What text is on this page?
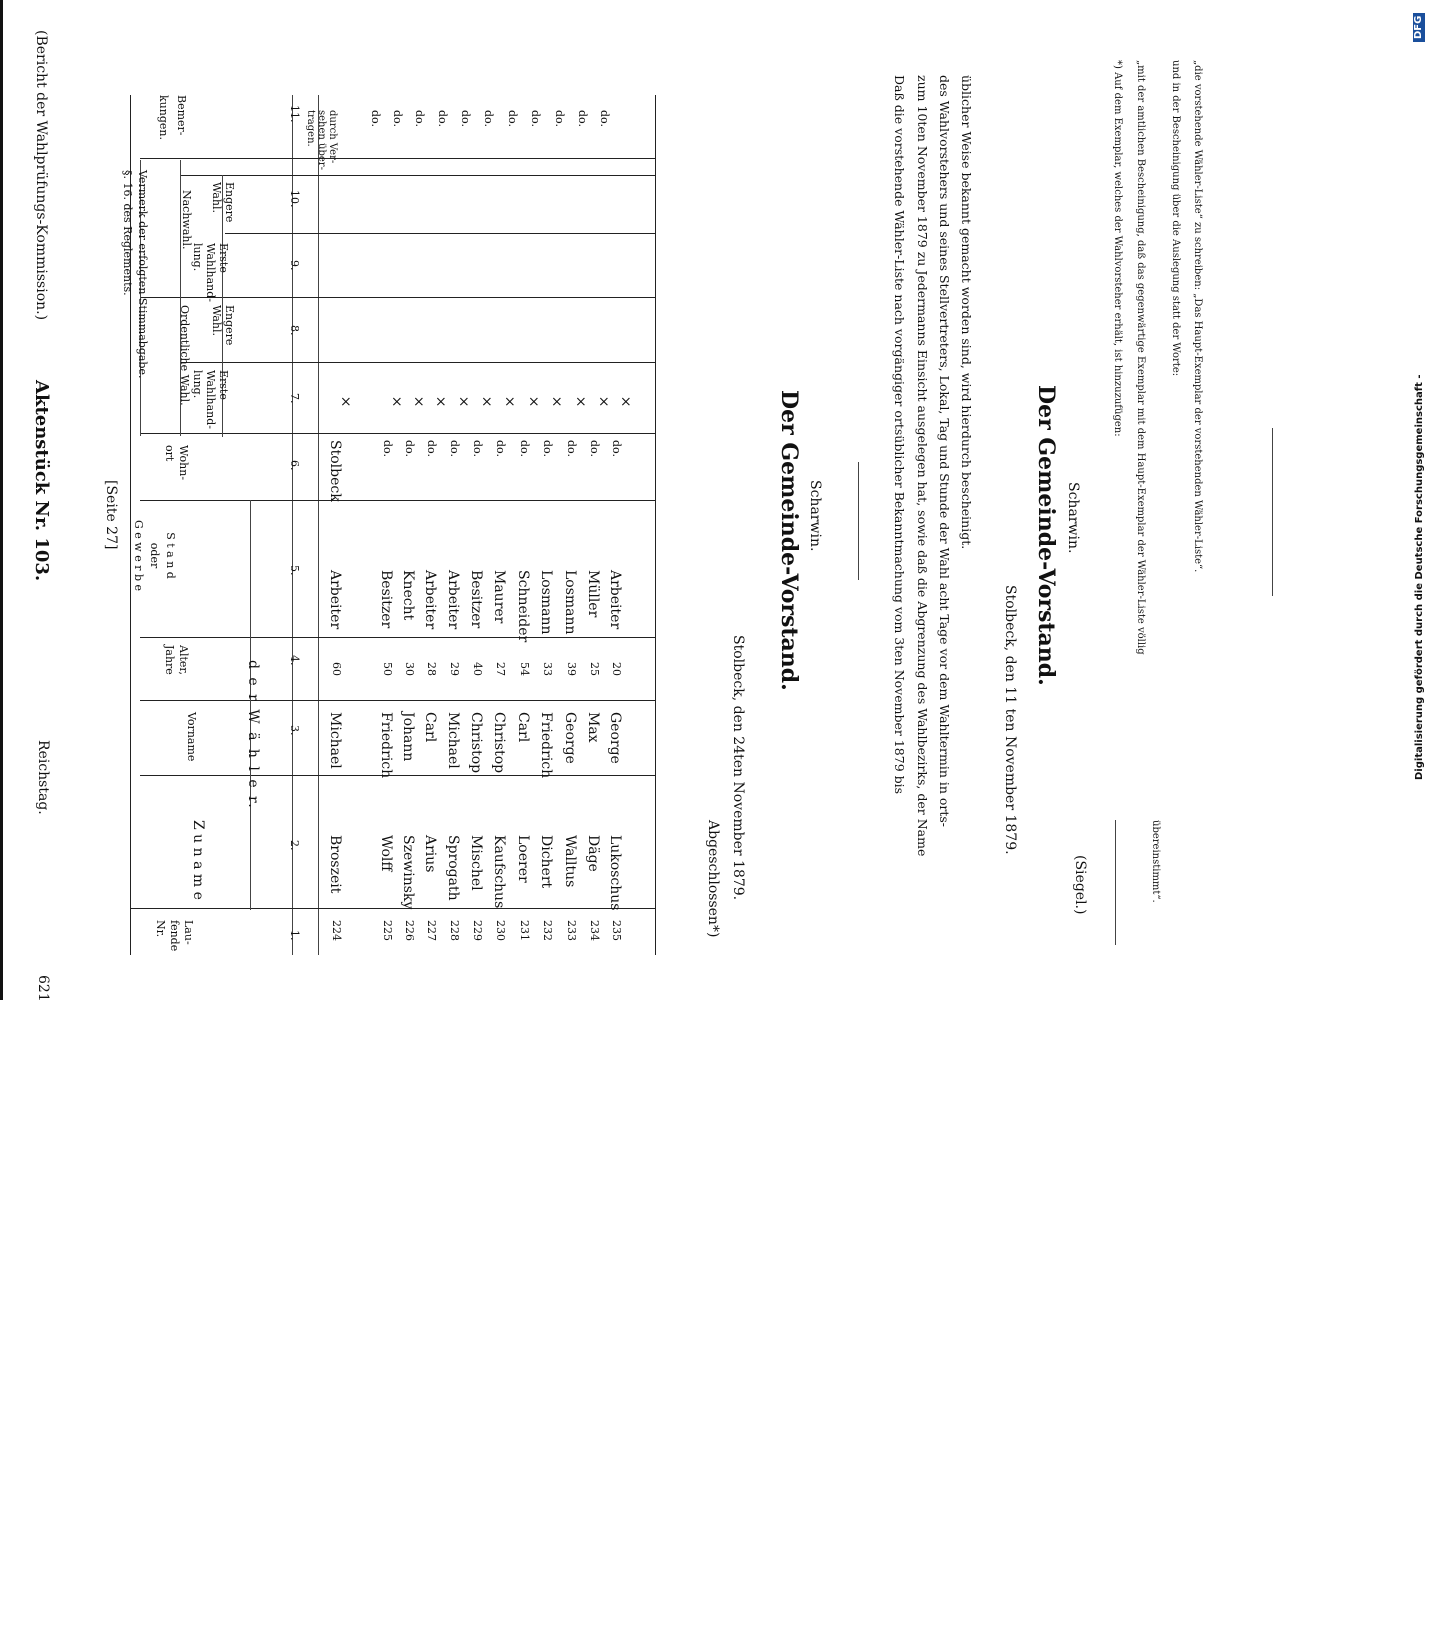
Reichstag.
Aktenstück Nr. 103.
(Bericht der Wahlprüfungs-Kommission.)
621
[Seite 27]
Lau-
fende
Nr.
Z u n a m e
Vorname
Alter,
Jahre
S t a n d
oder
G e w e r b e
Wohn-
ort
Vermerk der erfolgten Stimmabgabe.
§. 16. des Reglements.
Ordentliche Wahl.
Nachwahl.
Erste
Wahlhand-
lung.
Engere
Wahl.
Erste
Wahlhand-
lung.
Engere
Wahl.
Bemer-
kungen.
d e r W ä h l e r.
1.
2.
3.
4.
5.
6.
7.
8.
9.
10.
11.
224
Broszeit
Michael
60
Arbeiter
Stolbeck
×
durch Ver-
sehen über-
tragen.
225
Wolff
Friedrich
50
Besitzer
do.
×
do.
226
Szewinsky
Johann
30
Knecht
do.
×
do.
227
Arius
Carl
28
Arbeiter
do.
×
do.
228
Sprogath
Michael
29
Arbeiter
do.
×
do.
229
Mischel
Christop
40
Besitzer
do.
×
do.
230
Kaufschus
Christop
27
Maurer
do.
×
do.
231
Loerer
Carl
54
Schneider
do.
×
do.
232
Dichert
Friedrich
33
Losmann
do.
×
do.
233
Walltus
George
39
Losmann
do.
×
do.
234
Däge
Max
25
Müller
do.
×
do.
235
Lukoschus
George
20
Arbeiter
do.
×
do.
Abgeschlossen*) Stolbeck, den 24ten November 1879.
Der Gemeinde-Vorstand. Scharwin.	Daß die vorstehende Wähler-Liste nach vorgängiger ortsüblicher Bekanntmachung vom 3ten November 1879 bis zum 10ten November 1879 zu Jedermanns Einsicht ausgelegen hat, sowie daß die Abgrenzung des Wahlbezirks, der Name des Wahlvorstehers und seines Stellvertreters, Lokal, Tag und Stunde der Wahl acht Tage vor dem Wahltermin in orts- üblicher Weise bekannt gemacht worden sind, wird hierdurch bescheinigt.
Stolbeck, den 11 ten November 1879.
Der Gemeinde-Vorstand. Scharwin.
(Siegel.)
*) Auf dem Exemplar, welches der Wahlvorsteher erhält, ist hinzuzufügen: „mit der amtlichen Bescheinigung, daß das gegenwärtige Exemplar mit dem Haupt-Exemplar der Wähler-Liste völlig
übereinstimmt“.
und in der Bescheinigung über die Auslegung statt der Worte: „die vorstehende Wähler-Liste“ zu schreiben: „Das Haupt-Exemplar der vorstehenden Wähler-Liste“.
Digitalisierung gefördert durch die Deutsche Forschungsgemeinschaft -
DFG
